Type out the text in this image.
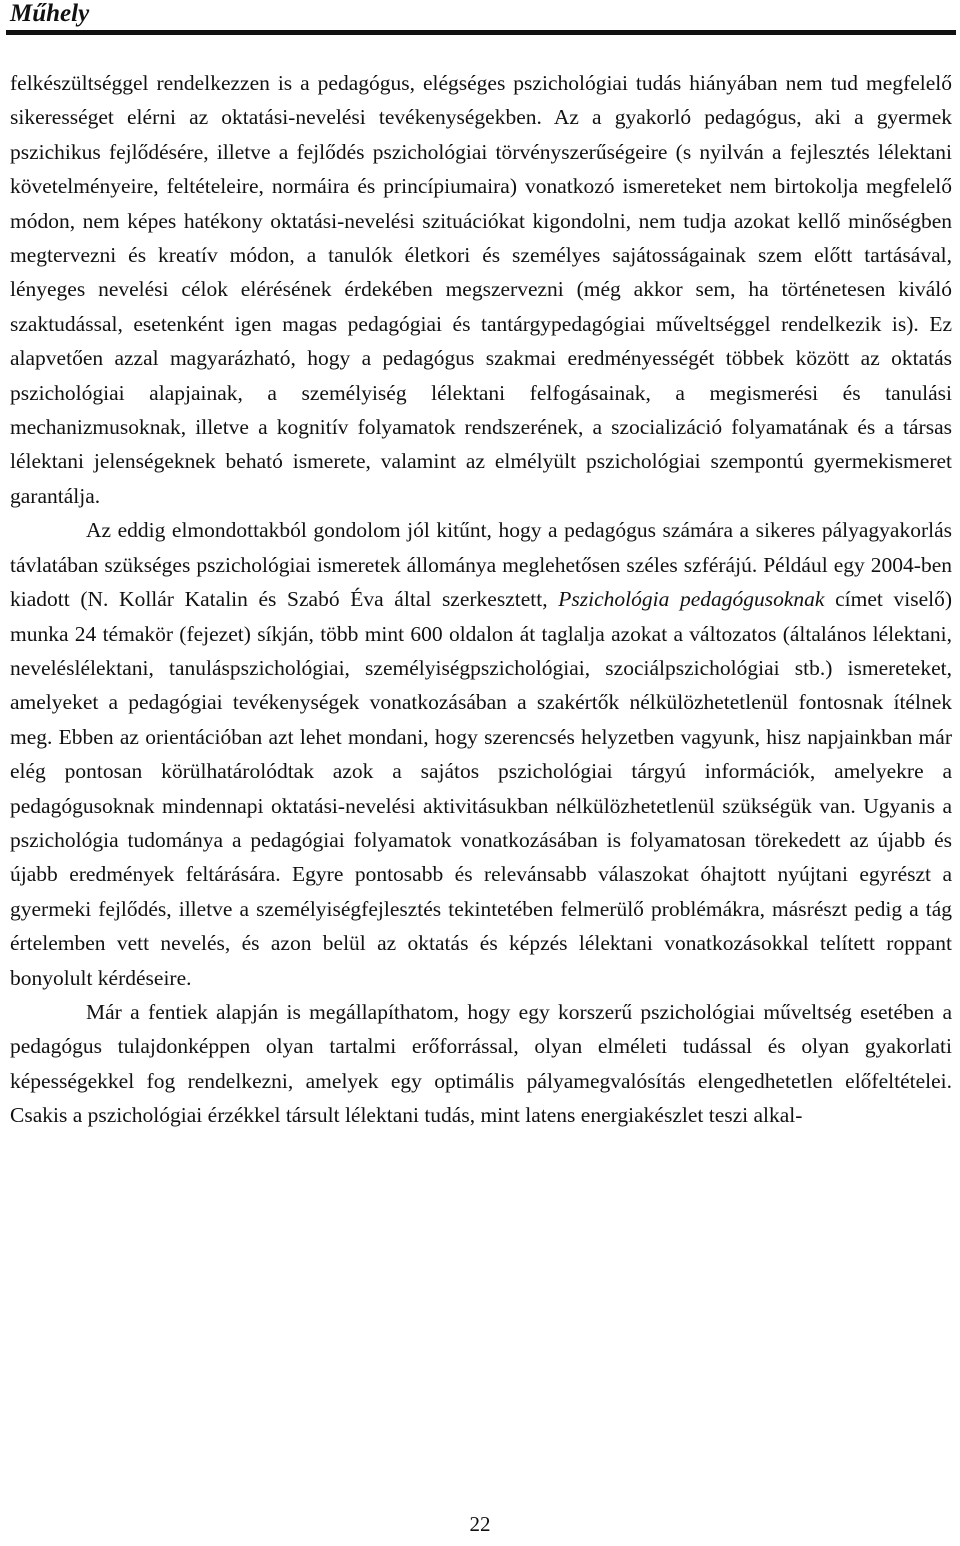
Műhely

felkészültséggel rendelkezzen is a pedagógus, elégséges pszichológiai tudás hiányában nem tud megfelelő sikerességet elérni az oktatási-nevelési tevékenységekben. Az a gyakorló pedagógus, aki a gyermek pszichikus fejlődésére, illetve a fejlődés pszichológiai törvényszerűségeire (s nyilván a fejlesztés lélektani követelményeire, feltételeire, normáira és princípiumaira) vonatkozó ismereteket nem birtokolja megfelelő módon, nem képes hatékony oktatási-nevelési szituációkat kigondolni, nem tudja azokat kellő minőségben megtervezni és kreatív módon, a tanulók életkori és személyes sajátosságainak szem előtt tartásával, lényeges nevelési célok elérésének érdekében megszervezni (még akkor sem, ha történetesen kiváló szaktudással, esetenként igen magas pedagógiai és tantárgypedagógiai műveltséggel rendelkezik is). Ez alapvetően azzal magyarázható, hogy a pedagógus szakmai eredményességét többek között az oktatás pszichológiai alapjainak, a személyiség lélektani felfogásainak, a megismerési és tanulási mechanizmusoknak, illetve a kognitív folyamatok rendszerének, a szocializáció folyamatának és a társas lélektani jelenségeknek beható ismerete, valamint az elmélyült pszichológiai szempontú gyermekismeret garantálja.

Az eddig elmondottakból gondolom jól kitűnt, hogy a pedagógus számára a sikeres pályagyakorlás távlatában szükséges pszichológiai ismeretek állománya meglehetősen széles szférájú. Például egy 2004-ben kiadott (N. Kollár Katalin és Szabó Éva által szerkesztett, Pszichológia pedagógusoknak címet viselő) munka 24 témakör (fejezet) síkján, több mint 600 oldalon át taglalja azokat a változatos (általános lélektani, neveléslélektani, tanuláspszichológiai, személyiségpszichológiai, szociálpszichológiai stb.) ismereteket, amelyeket a pedagógiai tevékenységek vonatkozásában a szakértők nélkülözhetetlenül fontosnak ítélnek meg. Ebben az orientációban azt lehet mondani, hogy szerencsés helyzetben vagyunk, hisz napjainkban már elég pontosan körülhatárolódtak azok a sajátos pszichológiai tárgyú információk, amelyekre a pedagógusoknak mindennapi oktatási-nevelési aktivitásukban nélkülözhetetlenül szükségük van. Ugyanis a pszichológia tudománya a pedagógiai folyamatok vonatkozásában is folyamatosan törekedett az újabb és újabb eredmények feltárására. Egyre pontosabb és relevánsabb válaszokat óhajtott nyújtani egyrészt a gyermeki fejlődés, illetve a személyiségfejlesztés tekintetében felmerülő problémákra, másrészt pedig a tág értelemben vett nevelés, és azon belül az oktatás és képzés lélektani vonatkozásokkal telített roppant bonyolult kérdéseire.

Már a fentiek alapján is megállapíthatom, hogy egy korszerű pszichológiai műveltség esetében a pedagógus tulajdonképpen olyan tartalmi erőforrással, olyan elméleti tudással és olyan gyakorlati képességekkel fog rendelkezni, amelyek egy optimális pályamegvalósítás elengedhetetlen előfeltételei. Csakis a pszichológiai érzékkel társult lélektani tudás, mint latens energiakészlet teszi alkal-

22
